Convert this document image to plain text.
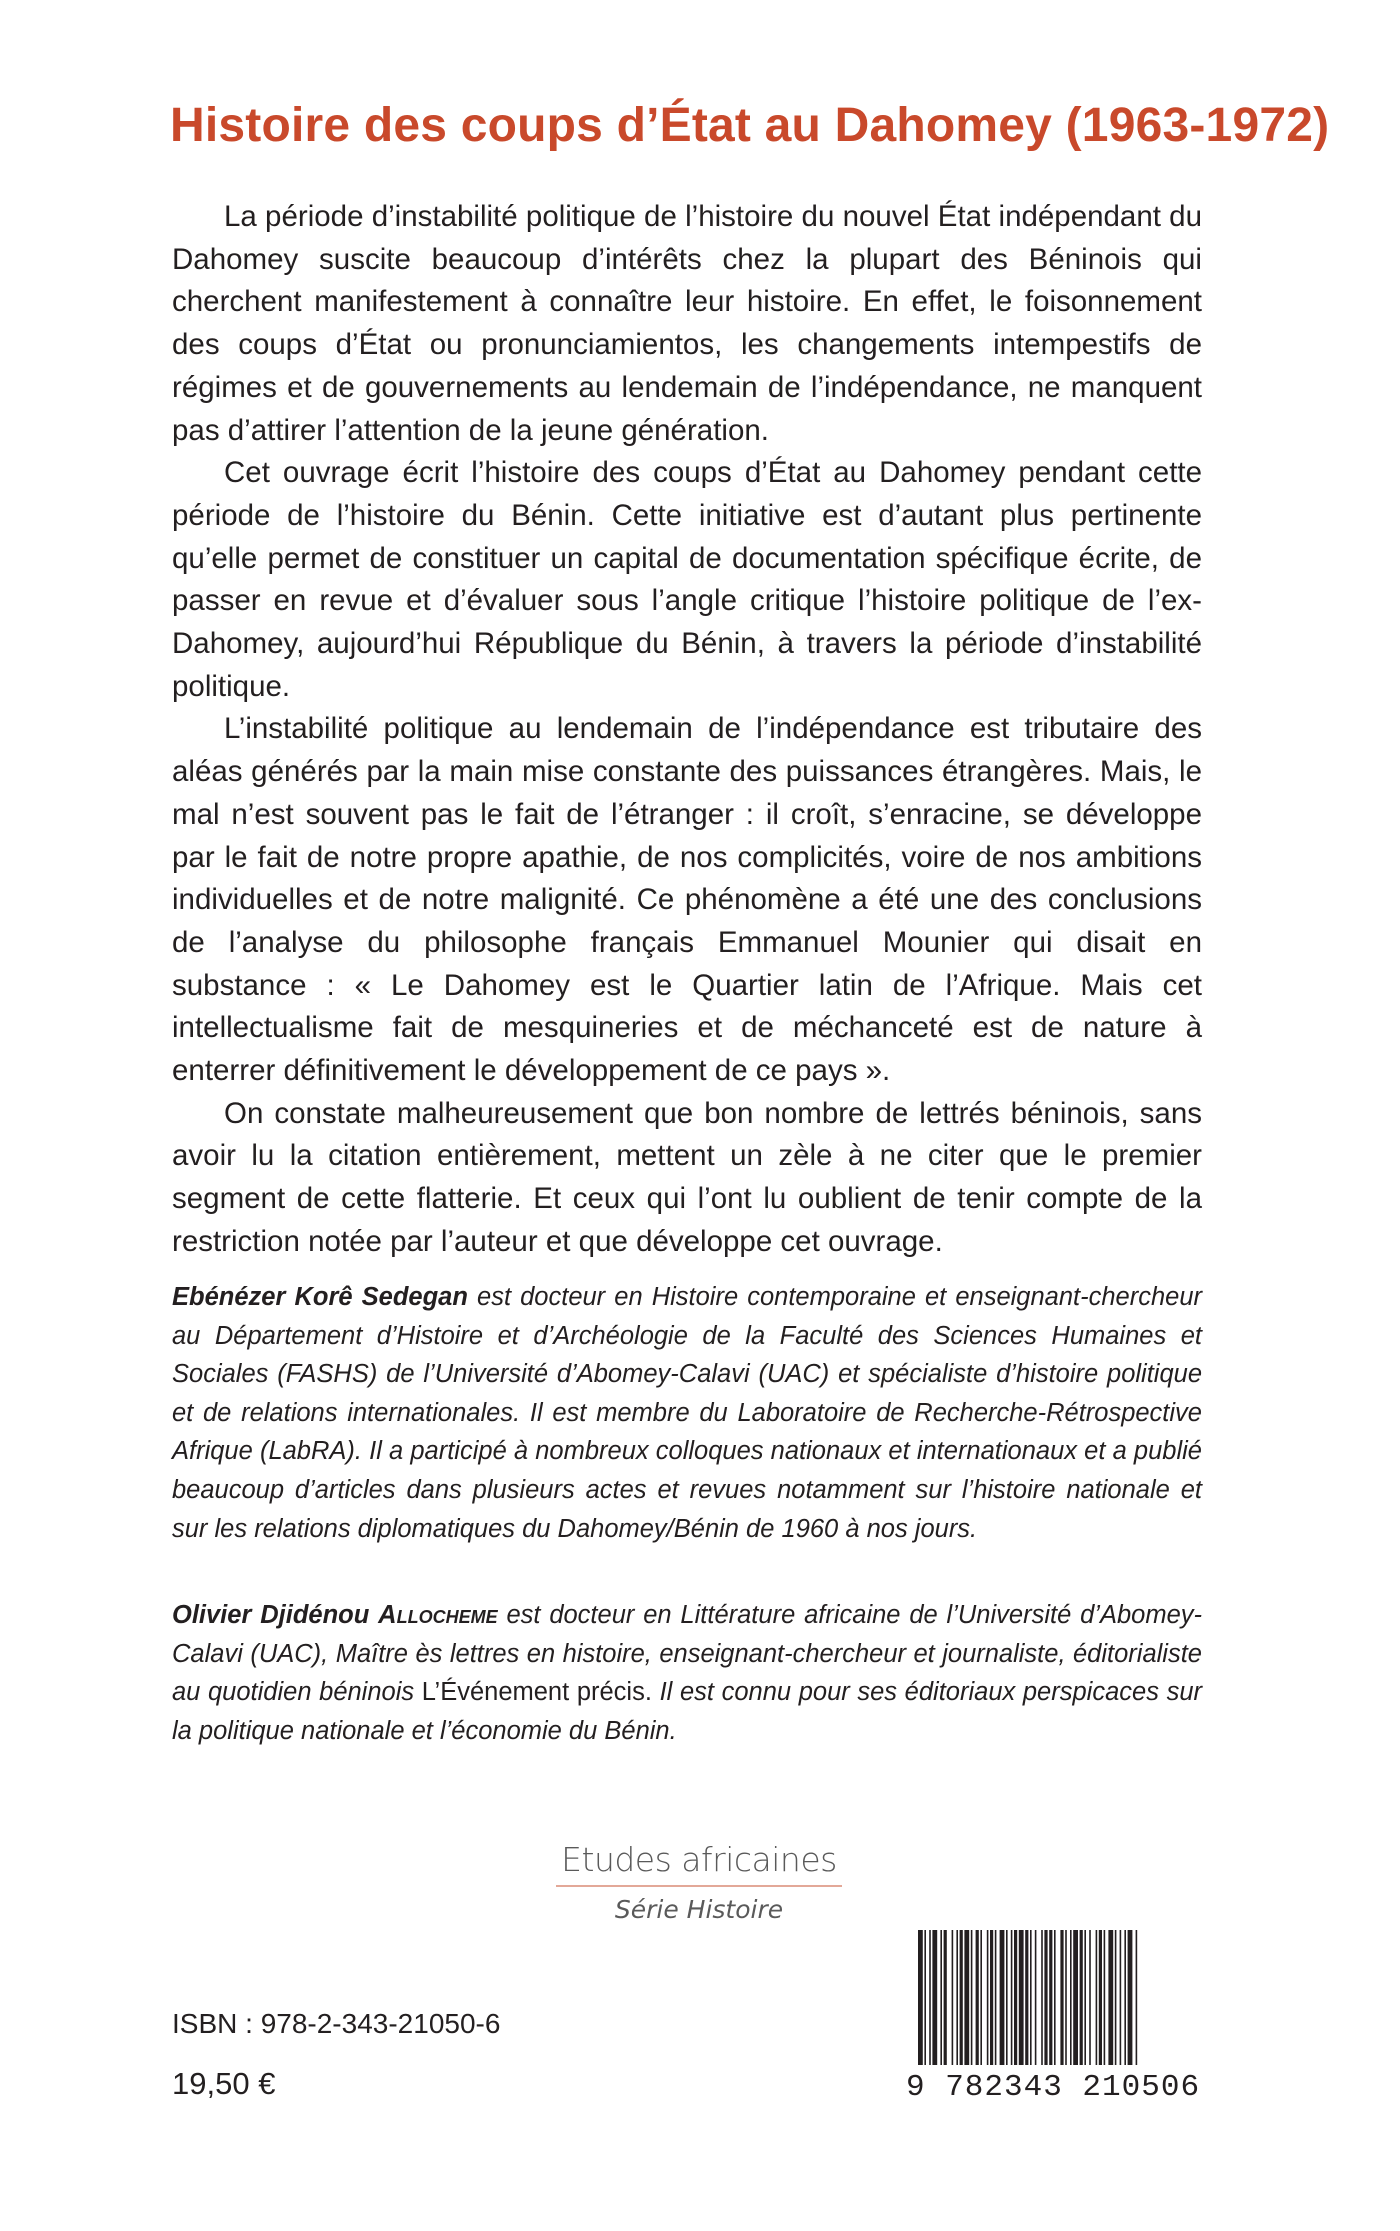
Histoire des coups d’État au Dahomey (1963-1972)

La période d’instabilité politique de l’histoire du nouvel État indépendant du Dahomey suscite beaucoup d’intérêts chez la plupart des Béninois qui cherchent manifestement à connaître leur histoire. En effet, le foisonnement des coups d’État ou pronunciamientos, les changements intempestifs de régimes et de gouvernements au lendemain de l’indépendance, ne manquent pas d’attirer l’attention de la jeune génération.

Cet ouvrage écrit l’histoire des coups d’État au Dahomey pendant cette période de l’histoire du Bénin. Cette initiative est d’autant plus pertinente qu’elle permet de constituer un capital de documentation spécifique écrite, de passer en revue et d’évaluer sous l’angle critique l’histoire politique de l’ex-Dahomey, aujourd’hui République du Bénin, à travers la période d’instabilité politique.

L’instabilité politique au lendemain de l’indépendance est tributaire des aléas générés par la main mise constante des puissances étrangères. Mais, le mal n’est souvent pas le fait de l’étranger : il croît, s’enracine, se développe par le fait de notre propre apathie, de nos complicités, voire de nos ambitions individuelles et de notre malignité. Ce phénomène a été une des conclusions de l’analyse du philosophe français Emmanuel Mounier qui disait en substance : « Le Dahomey est le Quartier latin de l’Afrique. Mais cet intellectualisme fait de mesquineries et de méchanceté est de nature à enterrer définitivement le développement de ce pays ».

On constate malheureusement que bon nombre de lettrés béninois, sans avoir lu la citation entièrement, mettent un zèle à ne citer que le premier segment de cette flatterie. Et ceux qui l’ont lu oublient de tenir compte de la restriction notée par l’auteur et que développe cet ouvrage.

Ebénézer Korê Sedegan est docteur en Histoire contemporaine et enseignant-chercheur au Département d’Histoire et d’Archéologie de la Faculté des Sciences Humaines et Sociales (FASHS) de l’Université d’Abomey-Calavi (UAC) et spécialiste d’histoire politique et de relations internationales. Il est membre du Laboratoire de Recherche-Rétrospective Afrique (LabRA). Il a participé à nombreux colloques nationaux et internationaux et a publié beaucoup d’articles dans plusieurs actes et revues notamment sur l’histoire nationale et sur les relations diplomatiques du Dahomey/Bénin de 1960 à nos jours.
Olivier Djidénou Allocheme est docteur en Littérature africaine de l’Université d’Abomey-Calavi (UAC), Maître ès lettres en histoire, enseignant-chercheur et journaliste, éditorialiste au quotidien béninois L’Événement précis. Il est connu pour ses éditoriaux perspicaces sur la politique nationale et l’économie du Bénin.
Etudes africaines
Série Histoire
ISBN : 978-2-343-21050-6
19,50 €	9 782343 210506
